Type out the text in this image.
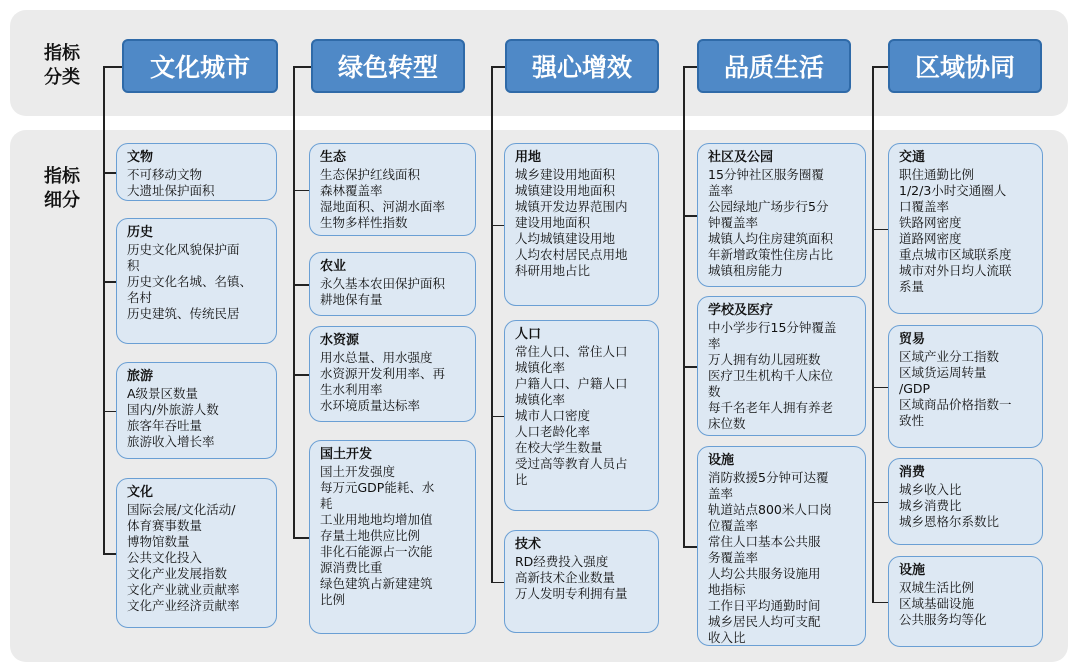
指标
分类
指标
细分
文化城市
文物
不可移动文物
大遗址保护面积
历史
历史文化风貌保护面
积
历史文化名城、名镇、
名村
历史建筑、传统民居
旅游
A级景区数量
国内/外旅游人数
旅客年吞吐量
旅游收入增长率
文化
国际会展/文化活动/
体育赛事数量
博物馆数量
公共文化投入
文化产业发展指数
文化产业就业贡献率
文化产业经济贡献率
绿色转型
生态
生态保护红线面积
森林覆盖率
湿地面积、河湖水面率
生物多样性指数
农业
永久基本农田保护面积
耕地保有量
水资源
用水总量、用水强度
水资源开发利用率、再
生水利用率
水环境质量达标率
国土开发
国土开发强度
每万元GDP能耗、水
耗
工业用地地均增加值
存量土地供应比例
非化石能源占一次能
源消费比重
绿色建筑占新建建筑
比例
强心增效
用地
城乡建设用地面积
城镇建设用地面积
城镇开发边界范围内
建设用地面积
人均城镇建设用地
人均农村居民点用地
科研用地占比
人口
常住人口、常住人口
城镇化率
户籍人口、户籍人口
城镇化率
城市人口密度
人口老龄化率
在校大学生数量
受过高等教育人员占
比
技术
RD经费投入强度
高新技术企业数量
万人发明专利拥有量
品质生活
社区及公园
15分钟社区服务圈覆
盖率
公园绿地广场步行5分
钟覆盖率
城镇人均住房建筑面积
年新增政策性住房占比
城镇租房能力
学校及医疗
中小学步行15分钟覆盖
率
万人拥有幼儿园班数
医疗卫生机构千人床位
数
每千名老年人拥有养老
床位数
设施
消防救援5分钟可达覆
盖率
轨道站点800米人口岗
位覆盖率
常住人口基本公共服
务覆盖率
人均公共服务设施用
地指标
工作日平均通勤时间
城乡居民人均可支配
收入比
区域协同
交通
职住通勤比例
1/2/3小时交通圈人
口覆盖率
铁路网密度
道路网密度
重点城市区域联系度
城市对外日均人流联
系量
贸易
区域产业分工指数
区域货运周转量
/GDP
区域商品价格指数一
致性
消费
城乡收入比
城乡消费比
城乡恩格尔系数比
设施
双城生活比例
区域基础设施
公共服务均等化
